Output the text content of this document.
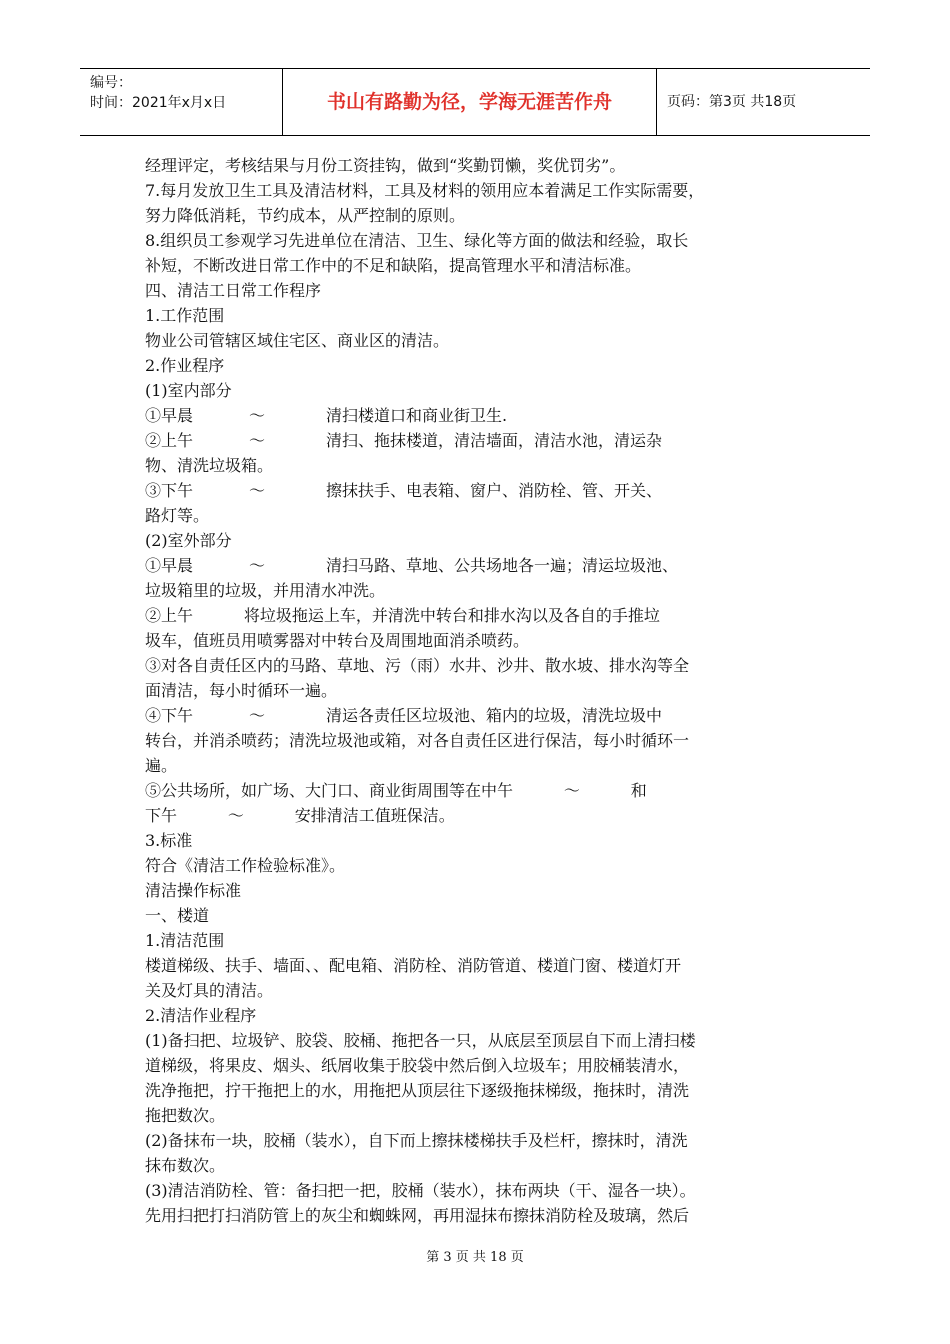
编号：
时间：2021年x月x日	书山有路勤为径，学海无涯苦作舟	页码：第3页 共18页

经理评定，考核结果与月份工资挂钩，做到“奖勤罚懒，奖优罚劣”。

7.每月发放卫生工具及清洁材料，工具及材料的领用应本着满足工作实际需要，

努力降低消耗，节约成本，从严控制的原则。

8.组织员工参观学习先进单位在清洁、卫生、绿化等方面的做法和经验，取长

补短，不断改进日常工作中的不足和缺陷，提高管理水平和清洁标准。

四、清洁工日常工作程序

1.工作范围

物业公司管辖区域住宅区、商业区的清洁。

2.作业程序

(1)室内部分

①早晨           ～            清扫楼道口和商业街卫生.

②上午           ～            清扫、拖抹楼道，清洁墙面，清洁水池，清运杂

物、清洗垃圾箱。

③下午           ～            擦抹扶手、电表箱、窗户、消防栓、管、开关、

路灯等。

(2)室外部分

①早晨           ～            清扫马路、草地、公共场地各一遍；清运垃圾池、

垃圾箱里的垃圾，并用清水冲洗。

②上午          将垃圾拖运上车，并清洗中转台和排水沟以及各自的手推垃

圾车，值班员用喷雾器对中转台及周围地面消杀喷药。

③对各自责任区内的马路、草地、污（雨）水井、沙井、散水坡、排水沟等全

面清洁，每小时循环一遍。

④下午           ～            清运各责任区垃圾池、箱内的垃圾，清洗垃圾中

转台，并消杀喷药；清洗垃圾池或箱，对各自责任区进行保洁，每小时循环一

遍。

⑤公共场所，如广场、大门口、商业街周围等在中午          ～          和

下午          ～          安排清洁工值班保洁。

3.标准

符合《清洁工作检验标准》。

清洁操作标准

一、楼道

1.清洁范围

楼道梯级、扶手、墙面、、配电箱、消防栓、消防管道、楼道门窗、楼道灯开

关及灯具的清洁。

2.清洁作业程序

(1)备扫把、垃圾铲、胶袋、胶桶、拖把各一只，从底层至顶层自下而上清扫楼

道梯级，将果皮、烟头、纸屑收集于胶袋中然后倒入垃圾车；用胶桶装清水，

洗净拖把，拧干拖把上的水，用拖把从顶层往下逐级拖抹梯级，拖抹时，清洗

拖把数次。

(2)备抹布一块，胶桶（装水），自下而上擦抹楼梯扶手及栏杆，擦抹时，清洗

抹布数次。

(3)清洁消防栓、管：备扫把一把，胶桶（装水），抹布两块（干、湿各一块）。

先用扫把打扫消防管上的灰尘和蜘蛛网，再用湿抹布擦抹消防栓及玻璃，然后

第 3 页 共 18 页
